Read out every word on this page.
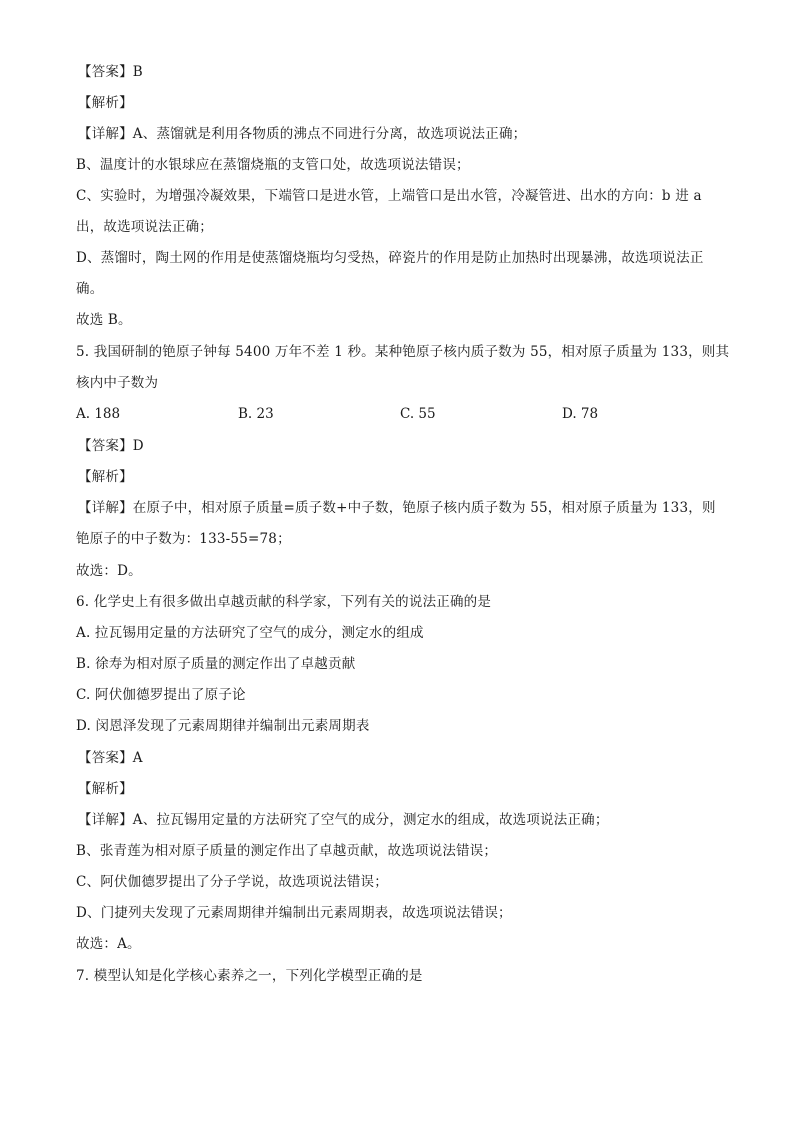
【答案】B
【解析】
【详解】A、蒸馏就是利用各物质的沸点不同进行分离，故选项说法正确；
B、温度计的水银球应在蒸馏烧瓶的支管口处，故选项说法错误；
C、实验时，为增强冷凝效果，下端管口是进水管，上端管口是出水管，冷凝管进、出水的方向：b 进 a
出，故选项说法正确；
D、蒸馏时，陶土网的作用是使蒸馏烧瓶均匀受热，碎瓷片的作用是防止加热时出现暴沸，故选项说法正
确。
故选 B。
5. 我国研制的铯原子钟每 5400 万年不差 1 秒。某种铯原子核内质子数为 55，相对原子质量为 133，则其
核内中子数为
A. 188	B. 23	C. 55	D. 78
【答案】D
【解析】
【详解】在原子中，相对原子质量=质子数+中子数，铯原子核内质子数为 55，相对原子质量为 133，则
铯原子的中子数为：133-55=78；
故选：D。
6. 化学史上有很多做出卓越贡献的科学家，下列有关的说法正确的是
A. 拉瓦锡用定量的方法研究了空气的成分，测定水的组成
B. 徐寿为相对原子质量的测定作出了卓越贡献
C. 阿伏伽德罗提出了原子论
D. 闵恩泽发现了元素周期律并编制出元素周期表
【答案】A
【解析】
【详解】A、拉瓦锡用定量的方法研究了空气的成分，测定水的组成，故选项说法正确；
B、张青莲为相对原子质量的测定作出了卓越贡献，故选项说法错误；
C、阿伏伽德罗提出了分子学说，故选项说法错误；
D、门捷列夫发现了元素周期律并编制出元素周期表，故选项说法错误；
故选：A。
7. 模型认知是化学核心素养之一，下列化学模型正确的是
